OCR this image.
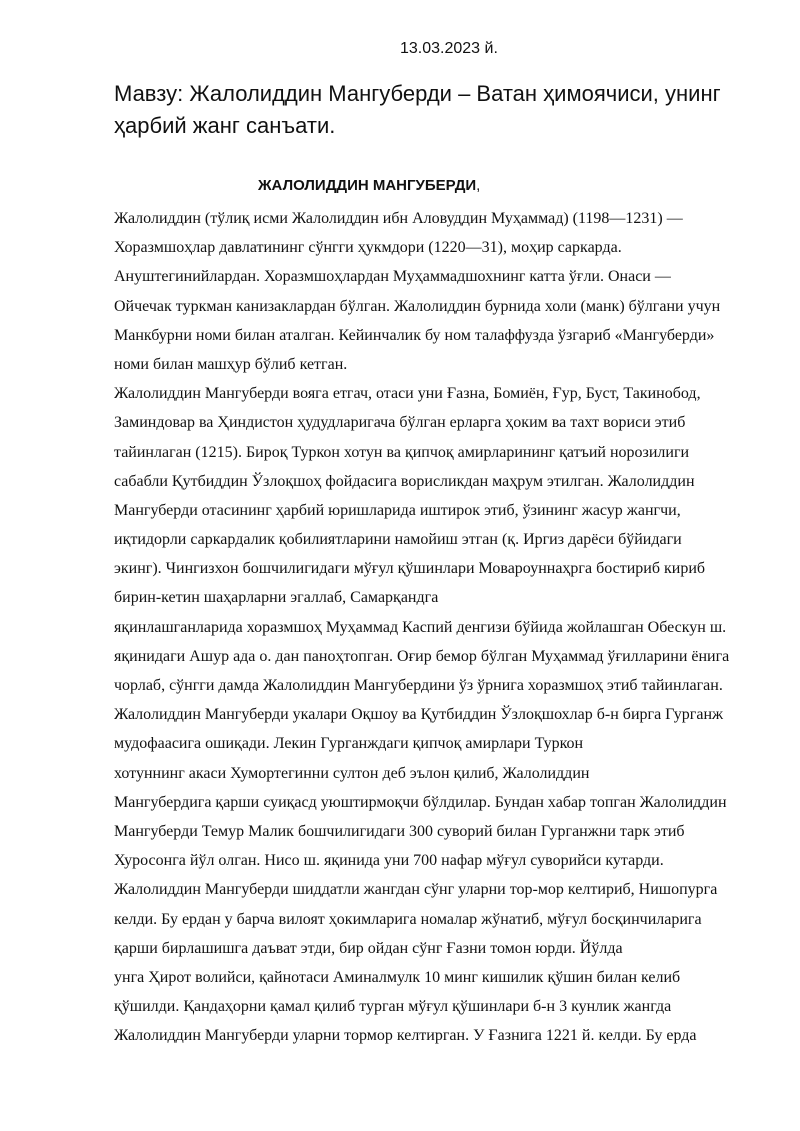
13.03.2023 й.
Мавзу: Жалолиддин Мангуберди – Ватан ҳимоячиси, унинг
ҳарбий жанг санъати.
ЖАЛОЛИДДИН МАНГУБЕРДИ,
Жалолиддин (тўлиқ исми Жалолиддин ибн Аловуддин Муҳаммад) (1198—1231) —
Хоразмшоҳлар давлатининг сўнгги ҳукмдори (1220—31), моҳир саркарда.
Ануштегинийлардан. Хоразмшоҳлардан Муҳаммадшохнинг катта ўғли. Онаси —
Ойчечак туркман канизаклардан бўлган. Жалолиддин бурнида холи (манк) бўлгани учун
Манкбурни номи билан аталган. Кейинчалик бу ном талаффузда ўзгариб «Мангуберди»
номи билан машҳур бўлиб кетган.
Жалолиддин Мангуберди вояга етгач, отаси уни Ғазна, Бомиён, Ғур, Буст, Такинобод,
Заминдовар ва Ҳиндистон ҳудудларигача бўлган ерларга ҳоким ва тахт вориси этиб
тайинлаган (1215). Бироқ Туркон хотун ва қипчоқ амирларининг қатъий норозилиги
сабабли Қутбиддин Ўзлоқшоҳ фойдасига ворисликдан маҳрум этилган. Жалолиддин
Мангуберди отасининг ҳарбий юришларида иштирок этиб, ўзининг жасур жангчи,
иқтидорли саркардалик қобилиятларини намойиш этган (қ. Иргиз дарёси бўйидаги
экинг). Чингизхон бошчилигидаги мўғул қўшинлари Мовароуннаҳрга бостириб кириб
бирин-кетин шаҳарларни эгаллаб, Самарқандга
яқинлашганларида хоразмшоҳ Муҳаммад Каспий денгизи бўйида жойлашган Обескун ш.
яқинидаги Ашур ада о. дан паноҳтопган. Оғир бемор бўлган Муҳаммад ўғилларини ёнига
чорлаб, сўнгги дамда Жалолиддин Мангубердини ўз ўрнига хоразмшоҳ этиб тайинлаган.
Жалолиддин Мангуберди укалари Оқшоу ва Қутбиддин Ўзлоқшохлар б-н бирга Гурганж
мудофаасига ошиқади. Лекин Гурганждаги қипчоқ амирлари Туркон
хотуннинг акаси Хумортегинни султон деб эълон қилиб, Жалолиддин
Мангубердига қарши суиқасд уюштирмоқчи бўлдилар. Бундан хабар топган Жалолиддин
Мангуберди Темур Малик бошчилигидаги 300 суворий билан Гурганжни тарк этиб
Хуросонга йўл олган. Нисо ш. яқинида уни 700 нафар мўғул суворийси кутарди.
Жалолиддин Мангуберди шиддатли жангдан сўнг уларни тор-мор келтириб, Нишопурга
келди. Бу ердан у барча вилоят ҳокимларига номалар жўнатиб, мўғул босқинчиларига
қарши бирлашишга даъват этди, бир ойдан сўнг Ғазни томон юрди. Йўлда
унга Ҳирот волийси, қайнотаси Аминалмулк 10 минг кишилик қўшин билан келиб
қўшилди. Қандаҳорни қамал қилиб турган мўғул қўшинлари б-н 3 кунлик жангда
Жалолиддин Мангуберди уларни тормор келтирган. У Ғазнига 1221 й. келди. Бу ерда
